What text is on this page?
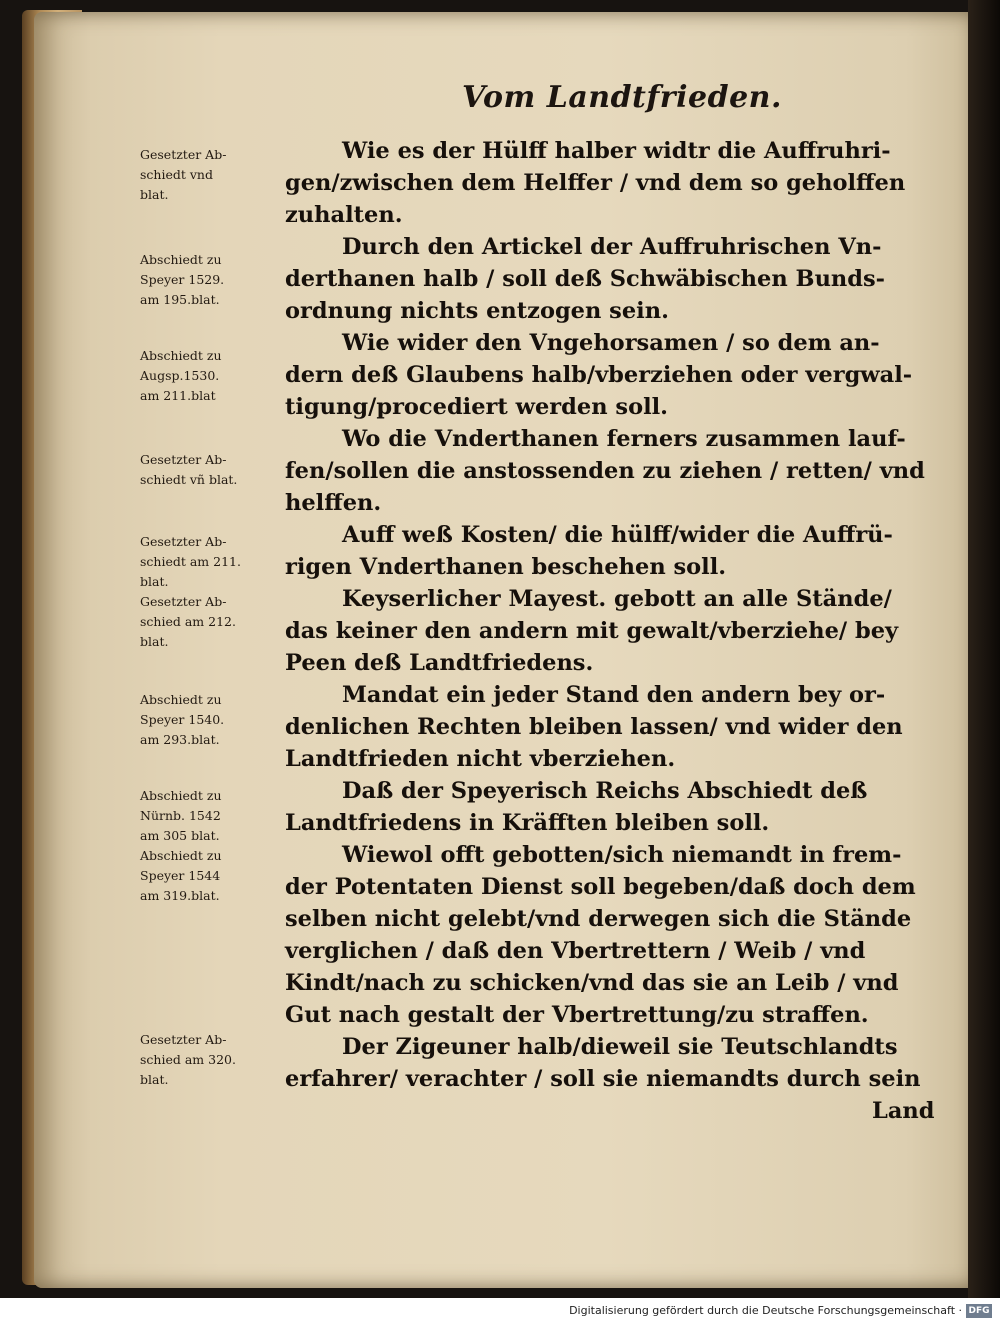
Vom Landtfrieden.
Gesetzter Ab-
schiedt vnd
blat.
Abschiedt zu
Speyer 1529.
am 195.blat.
Abschiedt zu
Augsp.1530.
am 211.blat
Gesetzter Ab-
schiedt vñ blat.
Gesetzter Ab-
schiedt am 211.
blat.
Gesetzter Ab-
schied am 212.
blat.
Abschiedt zu
Speyer 1540.
am 293.blat.
Abschiedt zu
Nürnb. 1542
am 305 blat.
Abschiedt zu
Speyer 1544
am 319.blat.
Gesetzter Ab-
schied am 320.
blat.
Wie es der Hülff halber widtr die Auffruhri-
gen/zwischen dem Helffer / vnd dem so geholffen
zuhalten.
Durch den Artickel der Auffruhrischen Vn-
derthanen halb / soll deß Schwäbischen Bunds-
ordnung nichts entzogen sein.
Wie wider den Vngehorsamen / so dem an-
dern deß Glaubens halb/vberziehen oder vergwal-
tigung/procediert werden soll.
Wo die Vnderthanen ferners zusammen lauf-
fen/sollen die anstossenden zu ziehen / retten/ vnd
helffen.
Auff weß Kosten/ die hülff/wider die Auffrü-
rigen Vnderthanen beschehen soll.
Keyserlicher Mayest. gebott an alle Stände/
das keiner den andern mit gewalt/vberziehe/ bey
Peen deß Landtfriedens.
Mandat ein jeder Stand den andern bey or-
denlichen Rechten bleiben lassen/ vnd wider den
Landtfrieden nicht vberziehen.
Daß der Speyerisch Reichs Abschiedt deß
Landtfriedens in Kräfften bleiben soll.
Wiewol offt gebotten/sich niemandt in frem-
der Potentaten Dienst soll begeben/daß doch dem
selben nicht gelebt/vnd derwegen sich die Stände
verglichen / daß den Vbertrettern / Weib / vnd
Kindt/nach zu schicken/vnd das sie an Leib / vnd
Gut nach gestalt der Vbertrettung/zu straffen.
Der Zigeuner halb/dieweil sie Teutschlandts
erfahrer/ verachter / soll sie niemandts durch sein
Land
Digitalisierung gefördert durch die Deutsche Forschungsgemeinschaft · DFG
